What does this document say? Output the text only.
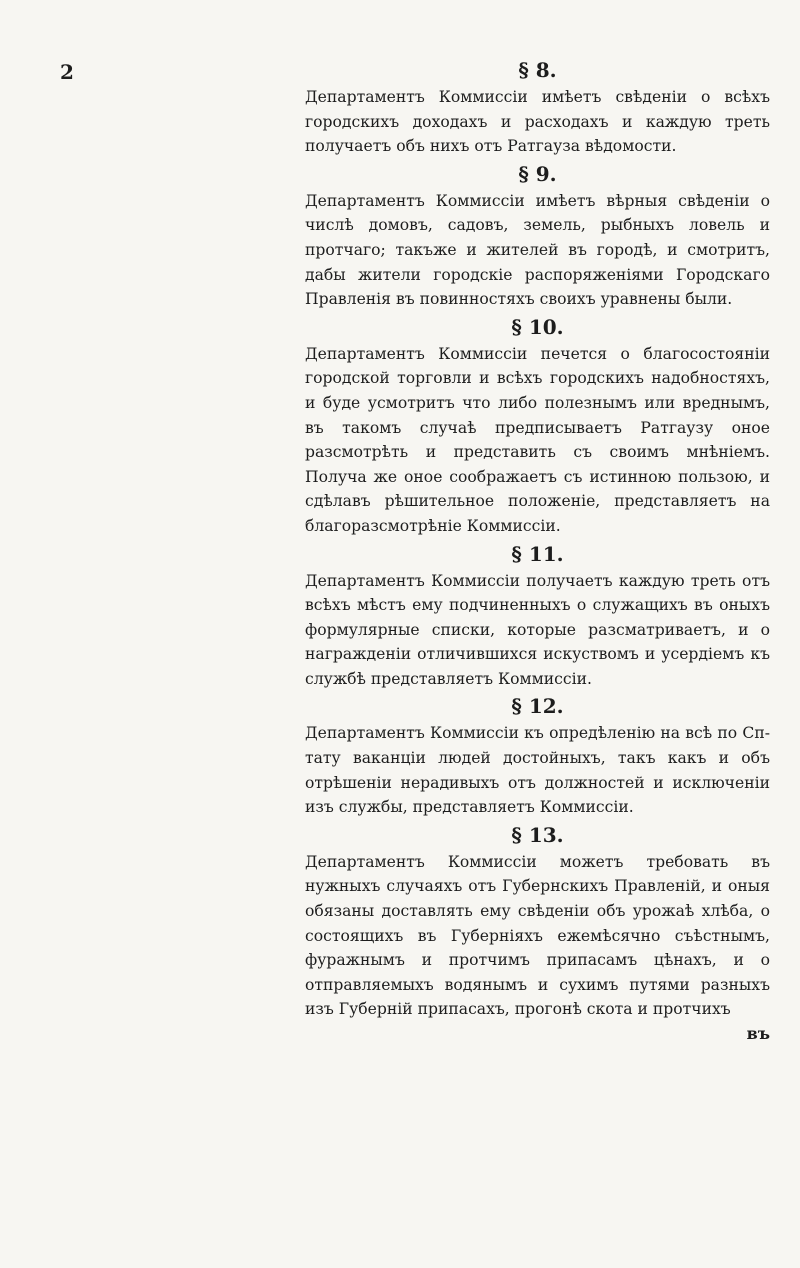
2	§ 8.

Департаментъ Коммиссiи имѣетъ свѣденiи о всѣхъ городскихъ доходахъ и расходахъ и каждую треть получаетъ объ нихъ отъ Ратгауза вѣдомости.

§ 9.

Департаментъ Коммиссiи имѣетъ вѣрныя свѣденiи о числѣ домовъ, садовъ, земель, рыбныхъ ловель и протчаго; такъже и жителей въ городѣ, и смотритъ, дабы жители городскiе распоряженiями Городскаго Правленiя въ повинностяхъ своихъ уравнены были.

§ 10.

Департаментъ Коммиссiи печется о благосостоянiи городской торговли и всѣхъ городскихъ надобностяхъ, и буде усмотритъ что либо полезнымъ или вреднымъ, въ такомъ случаѣ предписываетъ Ратгаузу оное разсмотрѣть и представить съ своимъ мнѣнiемъ. Получа же оное соображаетъ съ истинною пользою, и сдѣлавъ рѣшительное положенiе, представляетъ на благоразсмотрѣнiе Коммиссiи.

§ 11.

Департаментъ Коммиссiи получаетъ каждую треть отъ всѣхъ мѣстъ ему подчиненныхъ о служащихъ въ оныхъ формулярные списки, которые разсматриваетъ, и о награжденiи отличившихся искуствомъ и усердiемъ къ службѣ представляетъ Коммиссiи.

§ 12.

Департаментъ Коммиссiи къ опредѣленiю на всѣ по Сп-тату ваканцiи людей достойныхъ, такъ какъ и объ отрѣшенiи нерадивыхъ отъ должностей и исключенiи изъ службы, представляетъ Коммиссiи.

§ 13.

Департаментъ Коммиссiи можетъ требовать въ нужныхъ случаяхъ отъ Губернскихъ Правленiй, и оныя обязаны доставлять ему свѣденiи объ урожаѣ хлѣба, о состоящихъ въ Губернiяхъ ежемѣсячно съѣстнымъ, фуражнымъ и протчимъ припасамъ цѣнахъ, и о отправляемыхъ водянымъ и сухимъ путями разныхъ изъ Губернiй припасахъ, прогонѣ скота и протчихъ

въ
